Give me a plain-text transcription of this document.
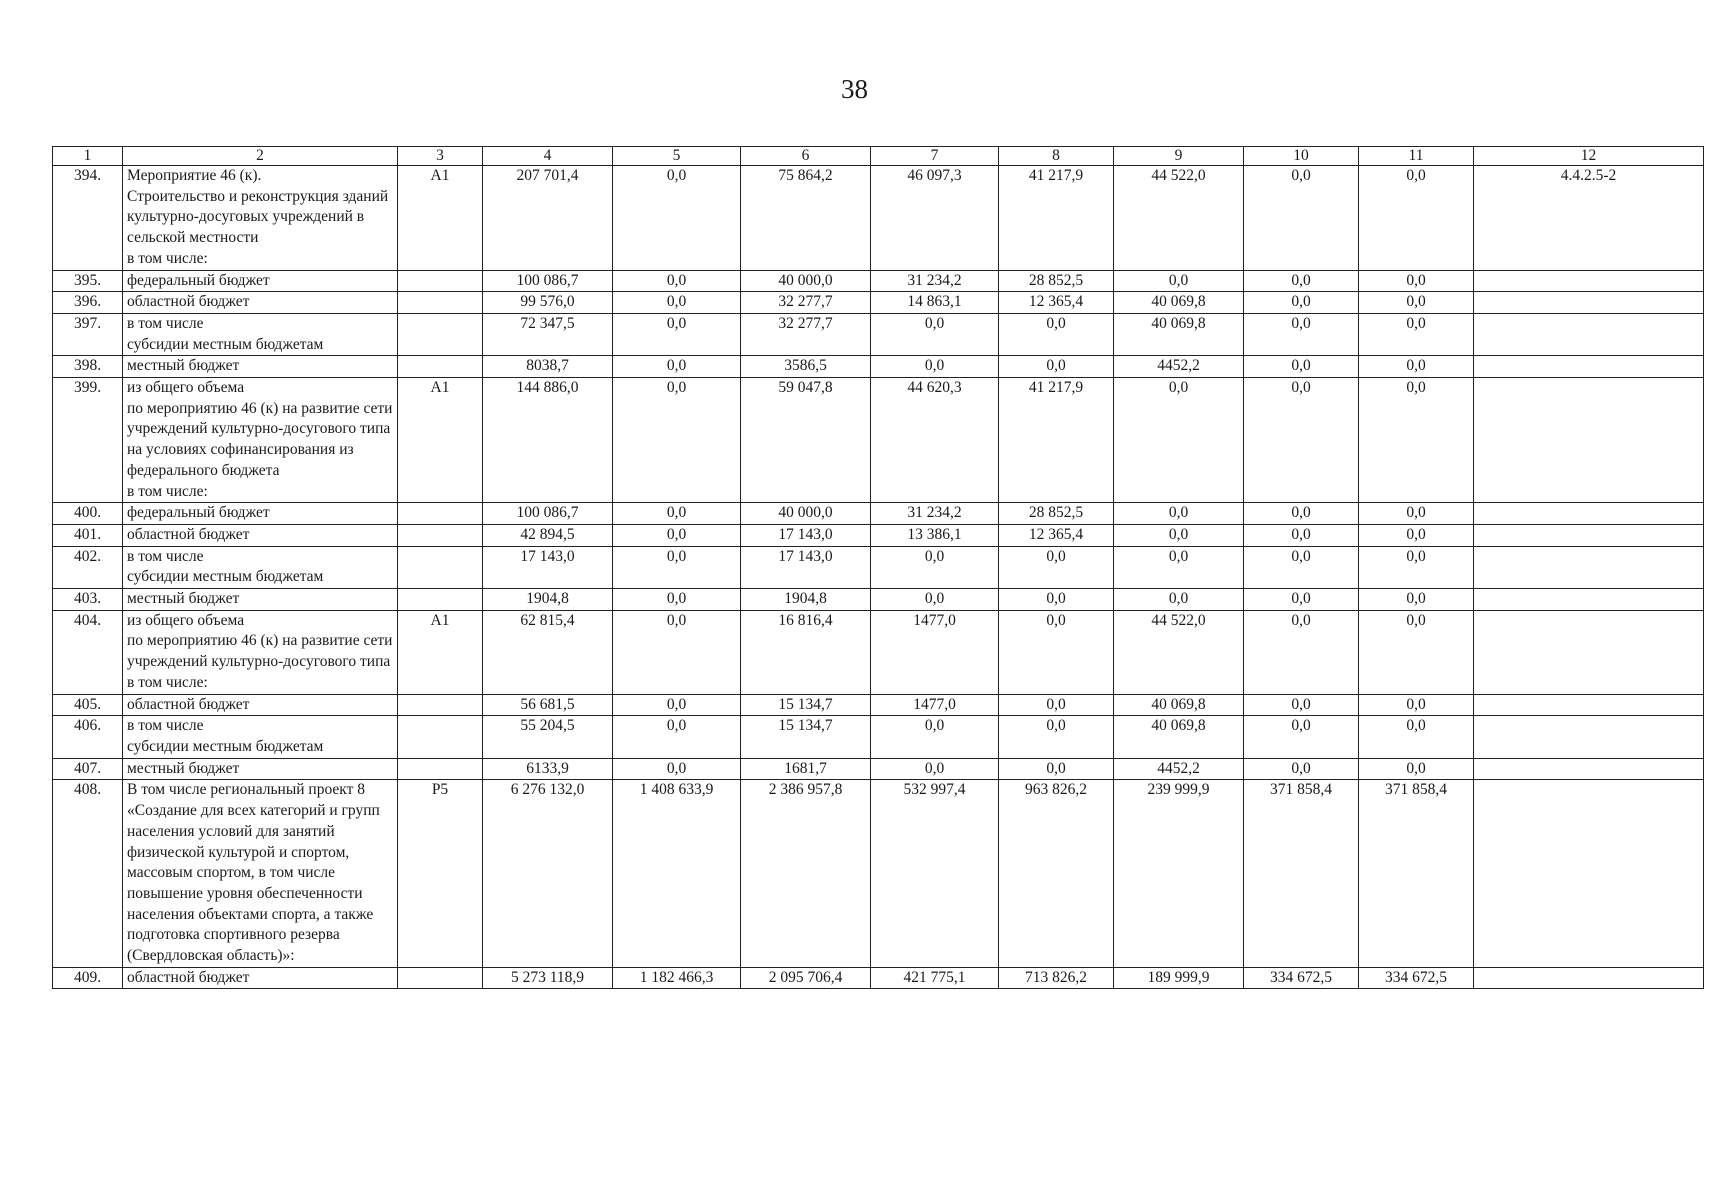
38
1	2	3	4	5	6	7	8	9	10	11	12
394.	Мероприятие 46 (к).
Строительство и реконструкция зданий культурно-досуговых учреждений в сельской местности
в том числе:	А1	207 701,4	0,0	75 864,2	46 097,3	41 217,9	44 522,0	0,0	0,0	4.4.2.5-2
395.	федеральный бюджет		100 086,7	0,0	40 000,0	31 234,2	28 852,5	0,0	0,0	0,0	
396.	областной бюджет		99 576,0	0,0	32 277,7	14 863,1	12 365,4	40 069,8	0,0	0,0	
397.	в том числе
субсидии местным бюджетам		72 347,5	0,0	32 277,7	0,0	0,0	40 069,8	0,0	0,0	
398.	местный бюджет		8038,7	0,0	3586,5	0,0	0,0	4452,2	0,0	0,0	
399.	из общего объема
по мероприятию 46 (к) на развитие сети учреждений культурно-досугового типа на условиях софинансирования из федерального бюджета
в том числе:	А1	144 886,0	0,0	59 047,8	44 620,3	41 217,9	0,0	0,0	0,0	
400.	федеральный бюджет		100 086,7	0,0	40 000,0	31 234,2	28 852,5	0,0	0,0	0,0	
401.	областной бюджет		42 894,5	0,0	17 143,0	13 386,1	12 365,4	0,0	0,0	0,0	
402.	в том числе
субсидии местным бюджетам		17 143,0	0,0	17 143,0	0,0	0,0	0,0	0,0	0,0	
403.	местный бюджет		1904,8	0,0	1904,8	0,0	0,0	0,0	0,0	0,0	
404.	из общего объема
по мероприятию 46 (к) на развитие сети учреждений культурно-досугового типа
в том числе:	А1	62 815,4	0,0	16 816,4	1477,0	0,0	44 522,0	0,0	0,0	
405.	областной бюджет		56 681,5	0,0	15 134,7	1477,0	0,0	40 069,8	0,0	0,0	
406.	в том числе
субсидии местным бюджетам		55 204,5	0,0	15 134,7	0,0	0,0	40 069,8	0,0	0,0	
407.	местный бюджет		6133,9	0,0	1681,7	0,0	0,0	4452,2	0,0	0,0	
408.	В том числе региональный проект 8 «Создание для всех категорий и групп населения условий для занятий физической культурой и спортом, массовым спортом, в том числе повышение уровня обеспеченности населения объектами спорта, а также подготовка спортивного резерва (Свердловская область)»:	Р5	6 276 132,0	1 408 633,9	2 386 957,8	532 997,4	963 826,2	239 999,9	371 858,4	371 858,4	
409.	областной бюджет		5 273 118,9	1 182 466,3	2 095 706,4	421 775,1	713 826,2	189 999,9	334 672,5	334 672,5	
